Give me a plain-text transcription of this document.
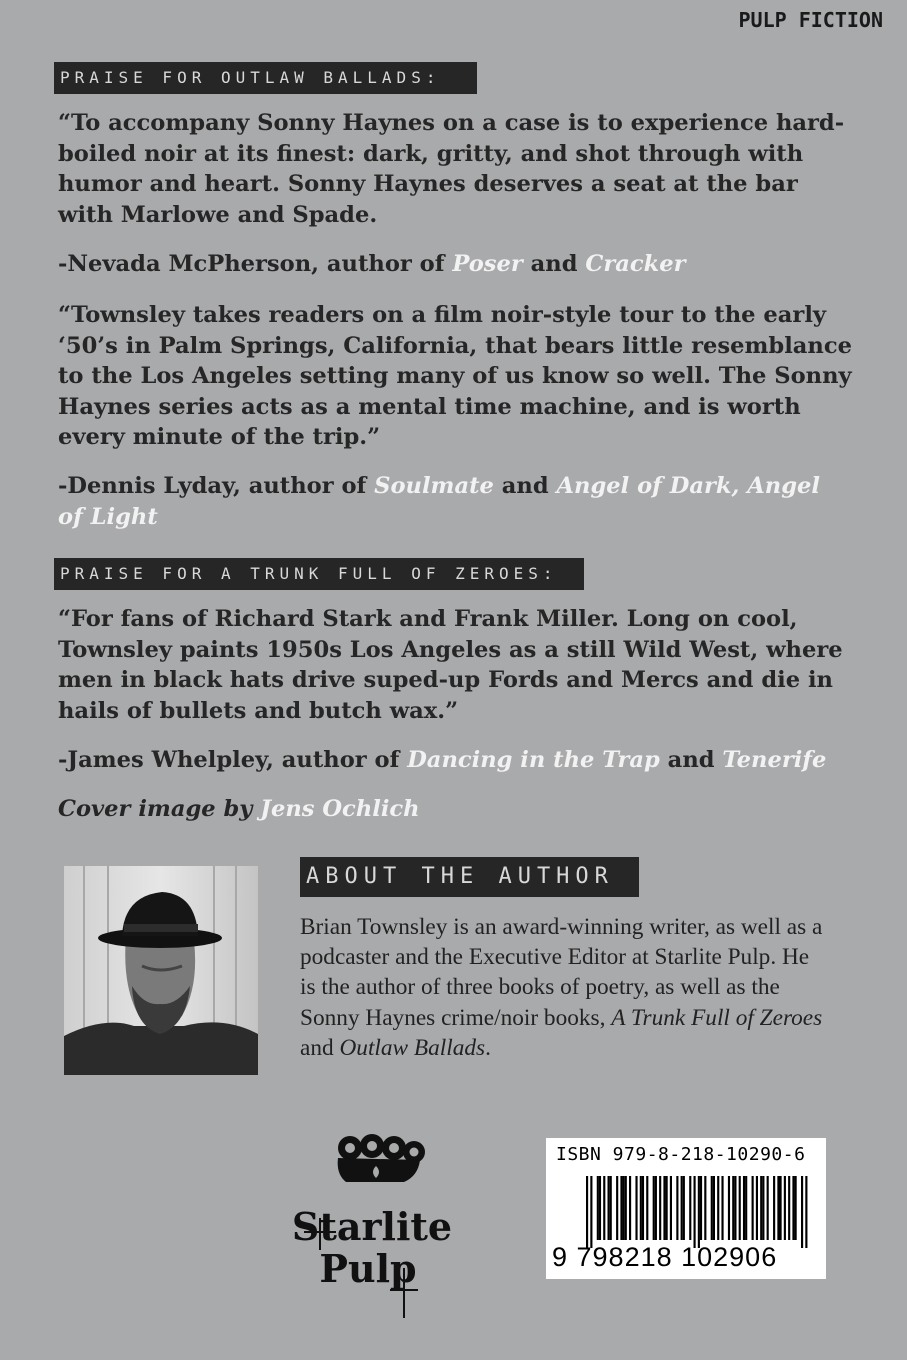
PULP FICTION
PRAISE FOR OUTLAW BALLADS:

“To accompany Sonny Haynes on a case is to experience hard-boiled noir at its finest: dark, gritty, and shot through with humor and heart. Sonny Haynes deserves a seat at the bar with Marlowe and Spade.

-Nevada McPherson, author of Poser and Cracker

“Townsley takes readers on a film noir-style tour to the early ‘50’s in Palm Springs, California, that bears little resemblance to the Los Angeles setting many of us know so well. The Sonny Haynes series acts as a mental time machine, and is worth every minute of the trip.”

-Dennis Lyday, author of Soulmate and Angel of Dark, Angel of Light

PRAISE FOR A TRUNK FULL OF ZEROES:

“For fans of Richard Stark and Frank Miller. Long on cool, Townsley paints 1950s Los Angeles as a still Wild West, where men in black hats drive suped-up Fords and Mercs and die in hails of bullets and butch wax.”

-James Whelpley, author of Dancing in the Trap and Tenerife

Cover image by Jens Ochlich
ABOUT THE AUTHOR

Brian Townsley is an award-winning writer, as well as a podcaster and the Executive Editor at Starlite Pulp. He is the author of three books of poetry, as well as the Sonny Haynes crime/noir books, A Trunk Full of Zeroes and Outlaw Ballads.

Starlite
Pulp
ISBN 979-8-218-10290-6
9 798218 102906
